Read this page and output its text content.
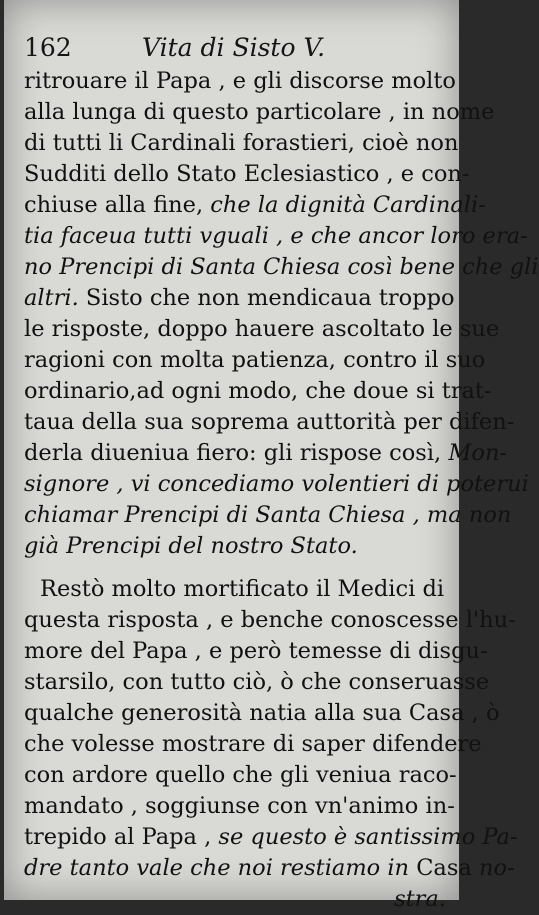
162	Vita di Sisto V.
ritrouare il Papa , e gli discorse molto
alla lunga di questo particolare , in nome
di tutti li Cardinali forastieri, cioè non
Sudditi dello Stato Eclesiastico , e con-
chiuse alla fine, che la dignità Cardinali-
tia faceua tutti vguali , e che ancor loro era-
no Prencipi di Santa Chiesa così bene che gli
altri. Sisto che non mendicaua troppo
le risposte, doppo hauere ascoltato le sue
ragioni con molta patienza, contro il suo
ordinario,ad ogni modo, che doue si trat-
taua della sua soprema auttorità per difen-
derla diueniua fiero: gli rispose così, Mon-
signore , vi concediamo volentieri di poterui
chiamar Prencipi di Santa Chiesa , ma non
già Prencipi del nostro Stato.
Restò molto mortificato il Medici di
questa risposta , e benche conoscesse l'hu-
more del Papa , e però temesse di disgu-
starsilo, con tutto ciò, ò che conseruasse
qualche generosità natia alla sua Casa , ò
che volesse mostrare di saper difendere
con ardore quello che gli veniua raco-
mandato , soggiunse con vn'animo in-
trepido al Papa , se questo è santissimo Pa-
dre tanto vale che noi restiamo in Casa no-
stra.
